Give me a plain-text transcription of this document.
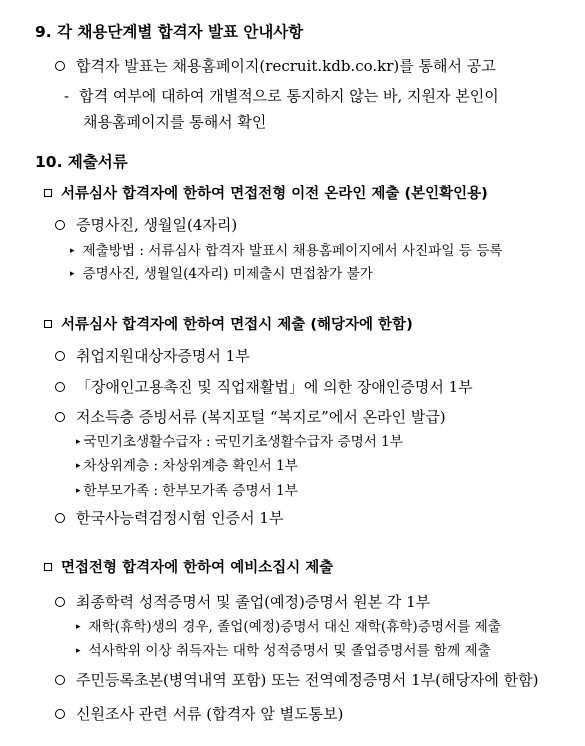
9. 각 채용단계별 합격자 발표 안내사항
합격자 발표는 채용홈페이지(recruit.kdb.co.kr)를 통해서 공고
- 합격 여부에 대하여 개별적으로 통지하지 않는 바, 지원자 본인이
채용홈페이지를 통해서 확인
10. 제출서류
서류심사 합격자에 한하여 면접전형 이전 온라인 제출 (본인확인용)
증명사진, 생월일(4자리)
▸ 제출방법 : 서류심사 합격자 발표시 채용홈페이지에서 사진파일 등 등록
▸ 증명사진, 생월일(4자리) 미제출시 면접참가 불가
서류심사 합격자에 한하여 면접시 제출 (해당자에 한함)
취업지원대상자증명서 1부
「장애인고용촉진 및 직업재활법」에 의한 장애인증명서 1부
저소득층 증빙서류 (복지포털 “복지로”에서 온라인 발급)
▸ 국민기초생활수급자 : 국민기초생활수급자 증명서 1부
▸ 차상위계층 : 차상위계층 확인서 1부
▸ 한부모가족 : 한부모가족 증명서 1부
한국사능력검정시험 인증서 1부
면접전형 합격자에 한하여 예비소집시 제출
최종학력 성적증명서 및 졸업(예정)증명서 원본 각 1부
▸ 재학(휴학)생의 경우, 졸업(예정)증명서 대신 재학(휴학)증명서를 제출
▸ 석사학위 이상 취득자는 대학 성적증명서 및 졸업증명서를 함께 제출
주민등록초본(병역내역 포함) 또는 전역예정증명서 1부(해당자에 한함)
신원조사 관련 서류 (합격자 앞 별도통보)
